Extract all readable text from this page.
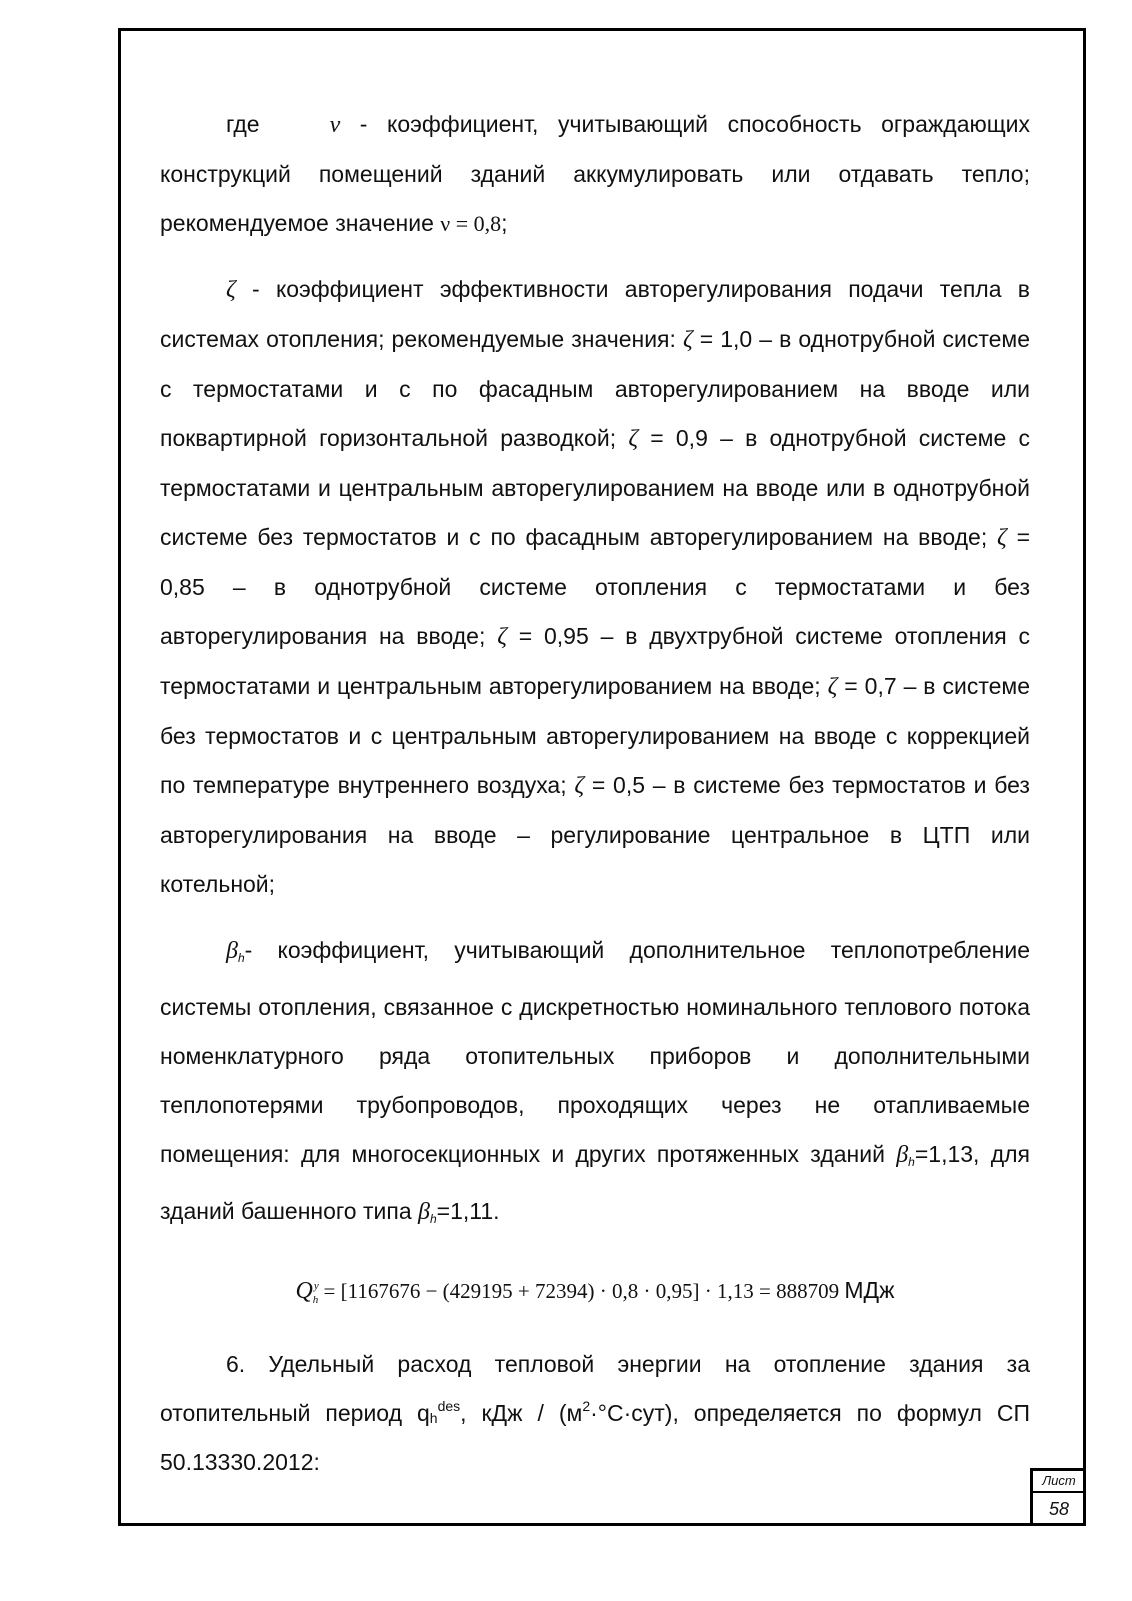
где	ν - коэффициент, учитывающий способность ограждающих конструкций помещений зданий аккумулировать или отдавать тепло; рекомендуемое значение ν = 0,8;

ζ - коэффициент эффективности авторегулирования подачи тепла в системах отопления; рекомендуемые значения: ζ = 1,0 – в однотрубной системе с термостатами и с по фасадным авторегулированием на вводе или поквартирной горизонтальной разводкой; ζ = 0,9 – в однотрубной системе с термостатами и центральным авторегулированием на вводе или в однотрубной системе без термостатов и с по фасадным авторегулированием на вводе; ζ = 0,85 – в однотрубной системе отопления с термостатами и без авторегулирования на вводе; ζ = 0,95 – в двухтрубной системе отопления с термостатами и центральным авторегулированием на вводе; ζ = 0,7 – в системе без термостатов и с центральным авторегулированием на вводе с коррекцией по температуре внутреннего воздуха; ζ = 0,5 – в системе без термостатов и без авторегулирования на вводе – регулирование центральное в ЦТП или котельной;

βh- коэффициент, учитывающий дополнительное теплопотребление системы отопления, связанное с дискретностью номинального теплового потока номенклатурного ряда отопительных приборов и дополнительными теплопотерями трубопроводов, проходящих через не отапливаемые помещения: для многосекционных и других протяженных зданий βh=1,13, для зданий башенного типа βh=1,11.

$Q^y_h = [1167676 - (429195 + 72394) \cdot 0,8 \cdot 0,95] \cdot 1,13 = 888709$ МДж

6. Удельный расход тепловой энергии на отопление здания за отопительный период $q_h^{des}$, кДж / $(м^2\cdot^\circ С\cdot сут)$, определяется по формул СП 50.13330.2012:

Лист
58
